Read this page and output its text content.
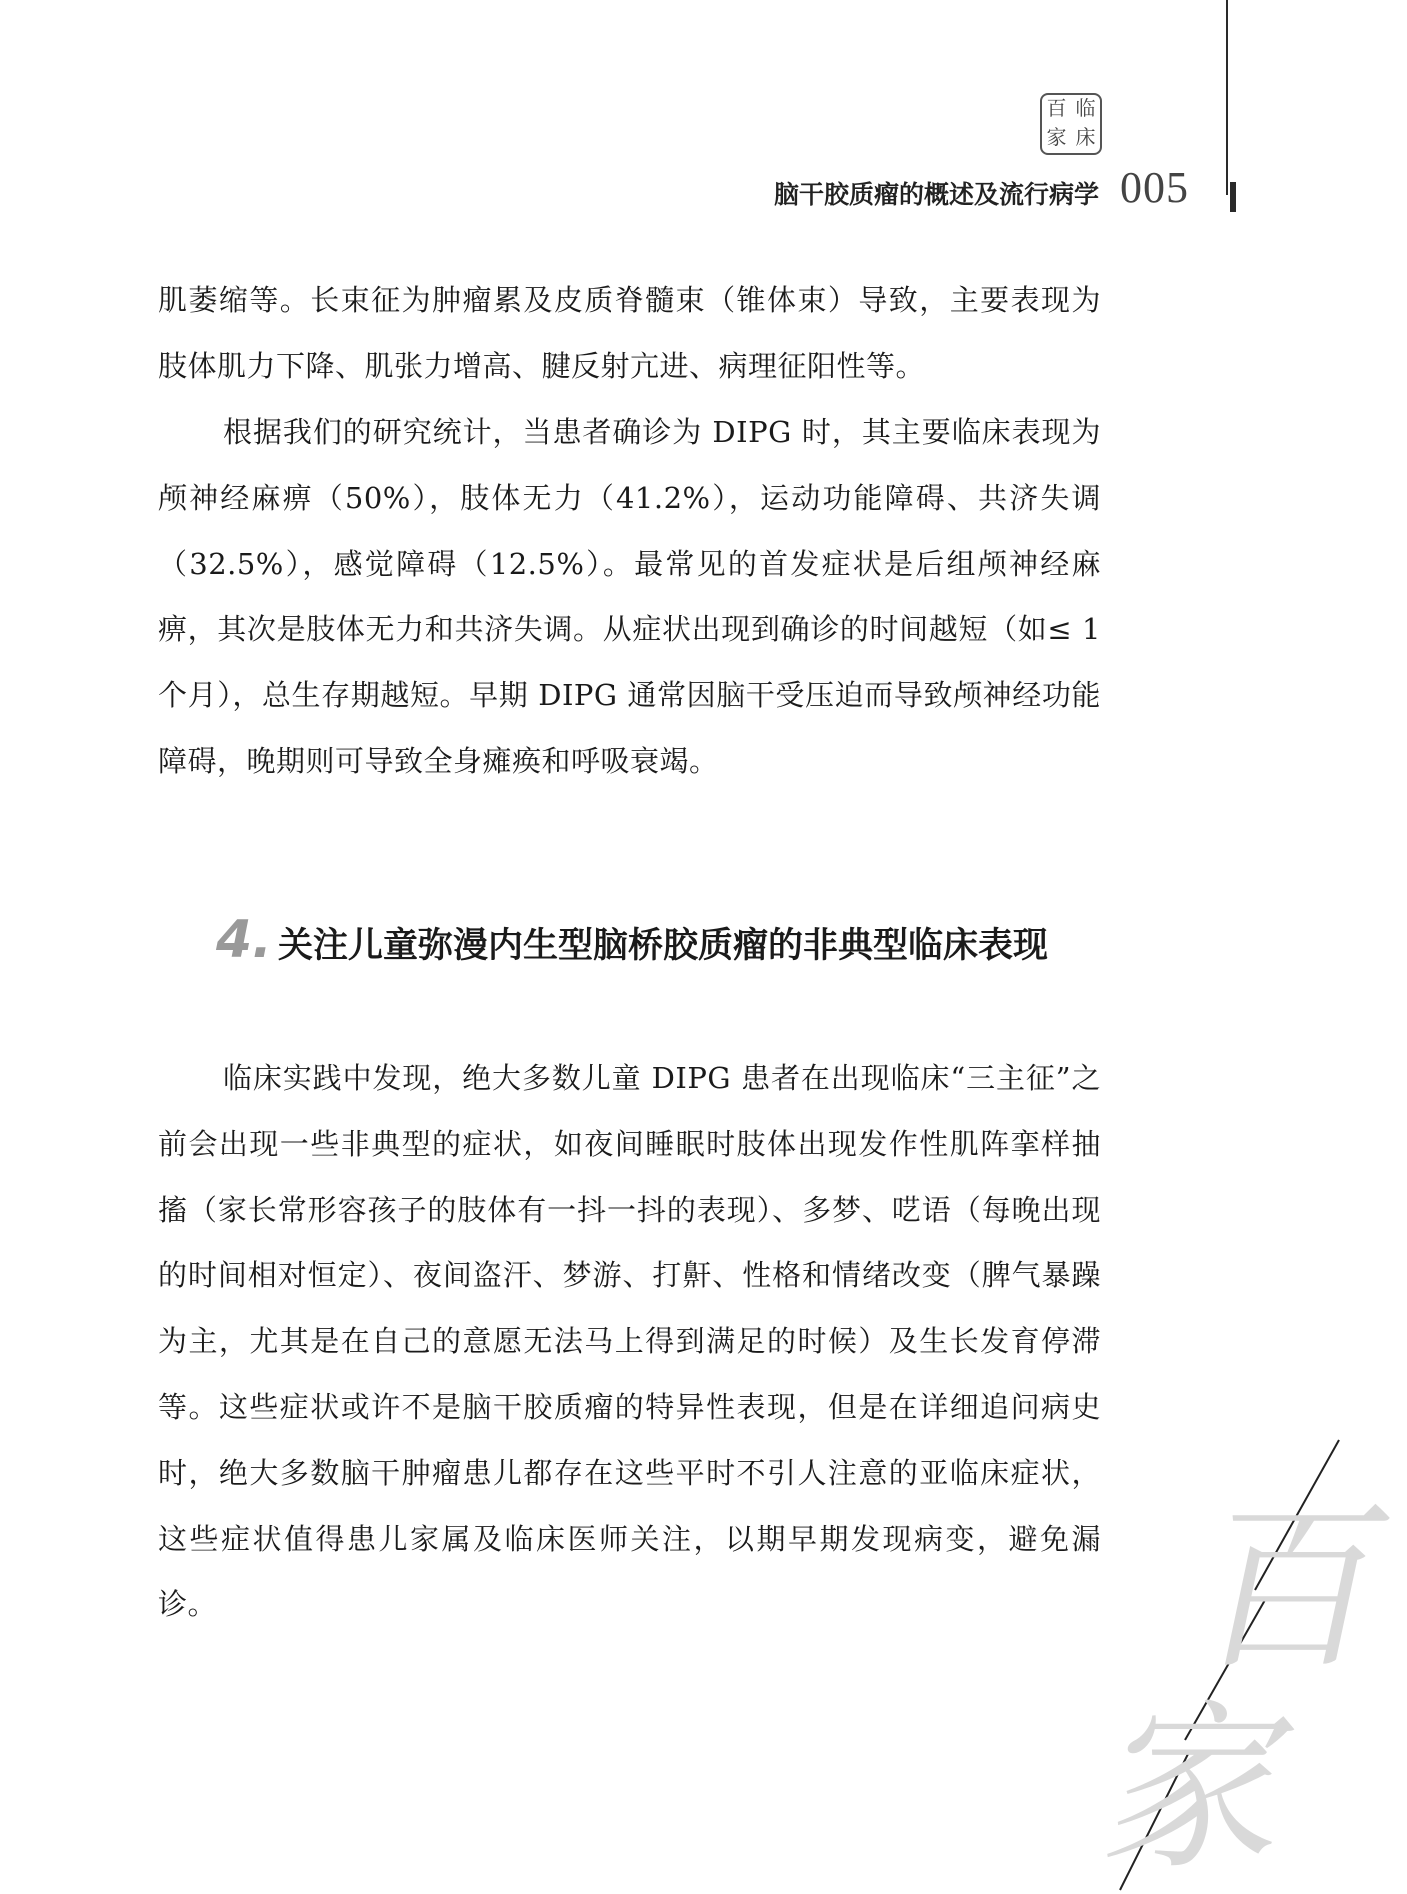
百 临
家 床
脑干胶质瘤的概述及流行病学 005

肌萎缩等。长束征为肿瘤累及皮质脊髓束（锥体束）导致，主要表现为肢体肌力下降、肌张力增高、腱反射亢进、病理征阳性等。

根据我们的研究统计，当患者确诊为 DIPG 时，其主要临床表现为颅神经麻痹（50%），肢体无力（41.2%），运动功能障碍、共济失调（32.5%），感觉障碍（12.5%）。最常见的首发症状是后组颅神经麻痹，其次是肢体无力和共济失调。从症状出现到确诊的时间越短（如≤ 1 个月），总生存期越短。早期 DIPG 通常因脑干受压迫而导致颅神经功能障碍，晚期则可导致全身瘫痪和呼吸衰竭。

4. 关注儿童弥漫内生型脑桥胶质瘤的非典型临床表现

临床实践中发现，绝大多数儿童 DIPG 患者在出现临床“三主征”之前会出现一些非典型的症状，如夜间睡眠时肢体出现发作性肌阵挛样抽搐（家长常形容孩子的肢体有一抖一抖的表现）、多梦、呓语（每晚出现的时间相对恒定）、夜间盗汗、梦游、打鼾、性格和情绪改变（脾气暴躁为主，尤其是在自己的意愿无法马上得到满足的时候）及生长发育停滞等。这些症状或许不是脑干胶质瘤的特异性表现，但是在详细追问病史时，绝大多数脑干肿瘤患儿都存在这些平时不引人注意的亚临床症状，这些症状值得患儿家属及临床医师关注，以期早期发现病变，避免漏诊。	百
家
